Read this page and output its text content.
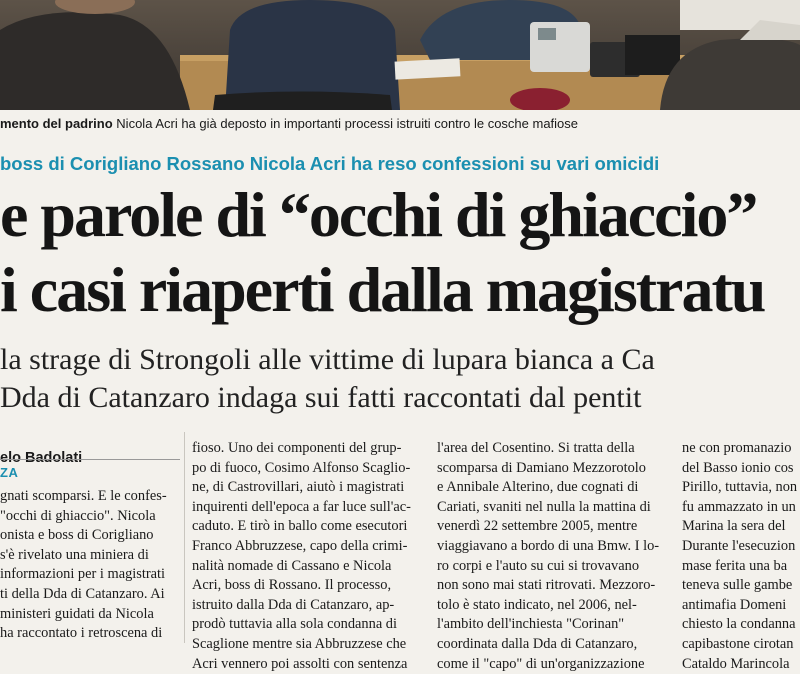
mento del padrino Nicola Acri ha già deposto in importanti processi istruiti contro le cosche mafiose
boss di Corigliano Rossano Nicola Acri ha reso confessioni su vari omicidi
e parole di “occhi di ghiaccio”
i casi riaperti dalla magistratu
la strage di Strongoli alle vittime di lupara bianca a Ca
Dda di Catanzaro indaga sui fatti raccontati dal pentit
elo Badolati
ZA
gnati scomparsi. E le confes-
"occhi di ghiaccio". Nicola
onista e boss di Corigliano
s'è rivelato una miniera di
informazioni per i magistrati
ti della Dda di Catanzaro. Ai
ministeri guidati da Nicola
ha raccontato i retroscena di
fioso. Uno dei componenti del grup-
po di fuoco, Cosimo Alfonso Scaglio-
ne, di Castrovillari, aiutò i magistrati
inquirenti dell'epoca a far luce sull'ac-
caduto. E tirò in ballo come esecutori
Franco Abbruzzese, capo della crimi-
nalità nomade di Cassano e Nicola
Acri, boss di Rossano. Il processo,
istruito dalla Dda di Catanzaro, ap-
prodò tuttavia alla sola condanna di
Scaglione mentre sia Abbruzzese che
Acri vennero poi assolti con sentenza
l'area del Cosentino. Si tratta della
scomparsa di Damiano Mezzorotolo
e Annibale Alterino, due cognati di
Cariati, svaniti nel nulla la mattina di
venerdì 22 settembre 2005, mentre
viaggiavano a bordo di una Bmw. I lo-
ro corpi e l'auto su cui si trovavano
non sono mai stati ritrovati. Mezzoro-
tolo è stato indicato, nel 2006, nel-
l'ambito dell'inchiesta "Corinan"
coordinata dalla Dda di Catanzaro,
come il "capo" di un'organizzazione
ne con promanazio
del Basso ionio cos
Pirillo, tuttavia, non
fu ammazzato in un
Marina la sera del
Durante l'esecuzion
mase ferita una ba
teneva sulle gambe
antimafia Domeni
chiesto la condanna
capibastone cirotan
Cataldo Marincola
